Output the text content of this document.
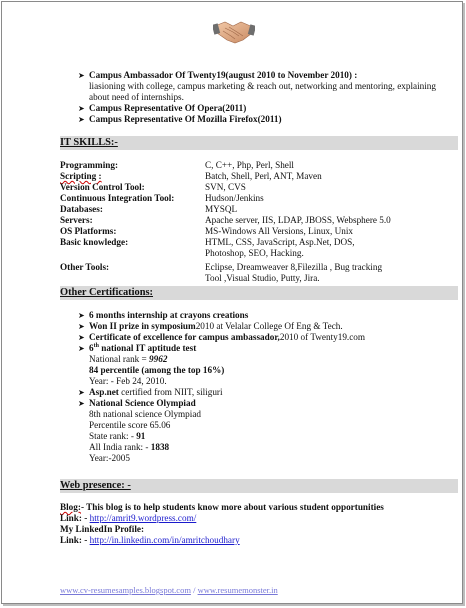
➤ Campus Ambassador Of Twenty19(august 2010 to November 2010) :
liasioning with college, campus marketing & reach out, networking and mentoring, explaining about need of internships.
➤ Campus Representative Of Opera(2011)
➤ Campus Representative Of Mozilla Firefox(2011)
IT SKILLS:-
Programming:	C, C++, Php, Perl, Shell
Scripting :	Batch, Shell, Perl, ANT, Maven
Version Control Tool:	SVN, CVS
Continuous Integration Tool:	Hudson/Jenkins
Databases:	MYSQL
Servers:	Apache server, IIS, LDAP, JBOSS, Websphere 5.0
OS Platforms:	MS-Windows All Versions, Linux, Unix
Basic knowledge:	HTML, CSS, JavaScript, Asp.Net, DOS,
Photoshop, SEO, Hacking.
Other Tools:	Eclipse, Dreamweaver 8,Filezilla , Bug tracking
Tool ,Visual Studio, Putty, Jira.
Other Certifications:
➤ 6 months internship at crayons creations
➤ Won II prize in symposium2010 at Velalar College Of Eng & Tech.
➤ Certificate of excellence for campus ambassador,2010 of Twenty19.com
➤ 6th national IT aptitude test
National rank = 9962
84 percentile (among the top 16%)
Year: - Feb 24, 2010.
➤ Asp.net certified from NIIT, siliguri
➤ National Science Olympiad
8th national science Olympiad
Percentile score 65.06
State rank: - 91
All India rank: - 1838
Year:-2005
Web presence: -
Blog:- This blog is to help students know more about various student opportunities
Link: - http://amrit9.wordpress.com/
My LinkedIn Profile:
Link: - http://in.linkedin.com/in/amritchoudhary
www.cv-resumesamples.blogspot.com / www.resumemonster.in
